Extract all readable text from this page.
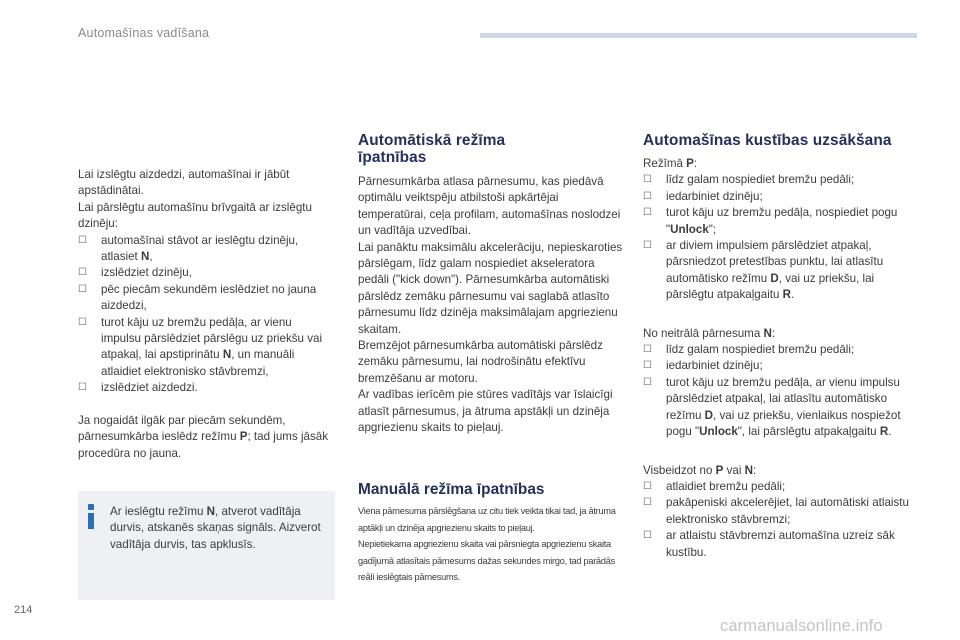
Automašīnas vadīšana

Lai izslēgtu aizdedzi, automašīnai ir jābūt apstādinātai.

Lai pārslēgtu automašīnu brīvgaitā ar izslēgtu dzinēju:

☐ automašīnai stāvot ar ieslēgtu dzinēju, atlasiet N,
☐ izslēdziet dzinēju,
☐ pēc piecām sekundēm ieslēdziet no jauna aizdedzi,
☐ turot kāju uz bremžu pedāļa, ar vienu impulsu pārslēdziet pārslēgu uz priekšu vai atpakaļ, lai apstiprinātu N, un manuāli atlaidiet elektronisko stāvbremzi,
☐ izslēdziet aizdedzi.

Ja nogaidāt ilgāk par piecām sekundēm, pārnesumkārba ieslēdz režīmu P; tad jums jāsāk procedūra no jauna.

Ar ieslēgtu režīmu N, atverot vadītāja durvis, atskanēs skaņas signāls. Aizverot vadītāja durvis, tas apklusīs.
Automātiskā režīma
īpatnības

Pārnesumkārba atlasa pārnesumu, kas piedāvā optimālu veiktspēju atbilstoši apkārtējai temperatūrai, ceļa profilam, automašīnas noslodzei un vadītāja uzvedībai.
Lai panāktu maksimālu akcelerāciju, nepieskaroties pārslēgam, līdz galam nospiediet akseleratora pedāli ("kick down"). Pārnesumkārba automātiski pārslēdz zemāku pārnesumu vai saglabā atlasīto pārnesumu līdz dzinēja maksimālajam apgriezienu skaitam.
Bremzējot pārnesumkārba automātiski pārslēdz zemāku pārnesumu, lai nodrošinātu efektīvu bremzēšanu ar motoru.
Ar vadības ierīcēm pie stūres vadītājs var īslaicīgi atlasīt pārnesumus, ja ātruma apstākļi un dzinēja apgriezienu skaits to pieļauj.

Manuālā režīma īpatnības
Viena pārnesuma pārslēgšana uz citu tiek veikta tikai tad, ja ātruma aptākļi un dzinēja apgriezienu skaits to pieļauj.
Nepietiekama apgriezienu skaita vai pārsniegta apgriezienu skaita gadījumā atlasītais pārnesums dažas sekundes mirgo, tad parādās reāli ieslēgtais pārnesums.
Automašīnas kustības uzsākšana

Režīmā P:

☐ līdz galam nospiediet bremžu pedāli;
☐ iedarbiniet dzinēju;
☐ turot kāju uz bremžu pedāļa, nospiediet pogu "Unlock";
☐ ar diviem impulsiem pārslēdziet atpakaļ, pārsniedzot pretestības punktu, lai atlasītu automātisko režīmu D, vai uz priekšu, lai pārslēgtu atpakaļgaitu R.

No neitrālā pārnesuma N:

☐ līdz galam nospiediet bremžu pedāli;
☐ iedarbiniet dzinēju;
☐ turot kāju uz bremžu pedāļa, ar vienu impulsu pārslēdziet atpakaļ, lai atlasītu automātisko režīmu D, vai uz priekšu, vienlaikus nospiežot pogu "Unlock", lai pārslēgtu atpakaļgaitu R.

Visbeidzot no P vai N:

☐ atlaidiet bremžu pedāli;
☐ pakāpeniski akcelerējiet, lai automātiski atlaistu elektronisko stāvbremzi;
☐ ar atlaistu stāvbremzi automašīna uzreiz sāk kustību.
214
carmanualsonline.info
